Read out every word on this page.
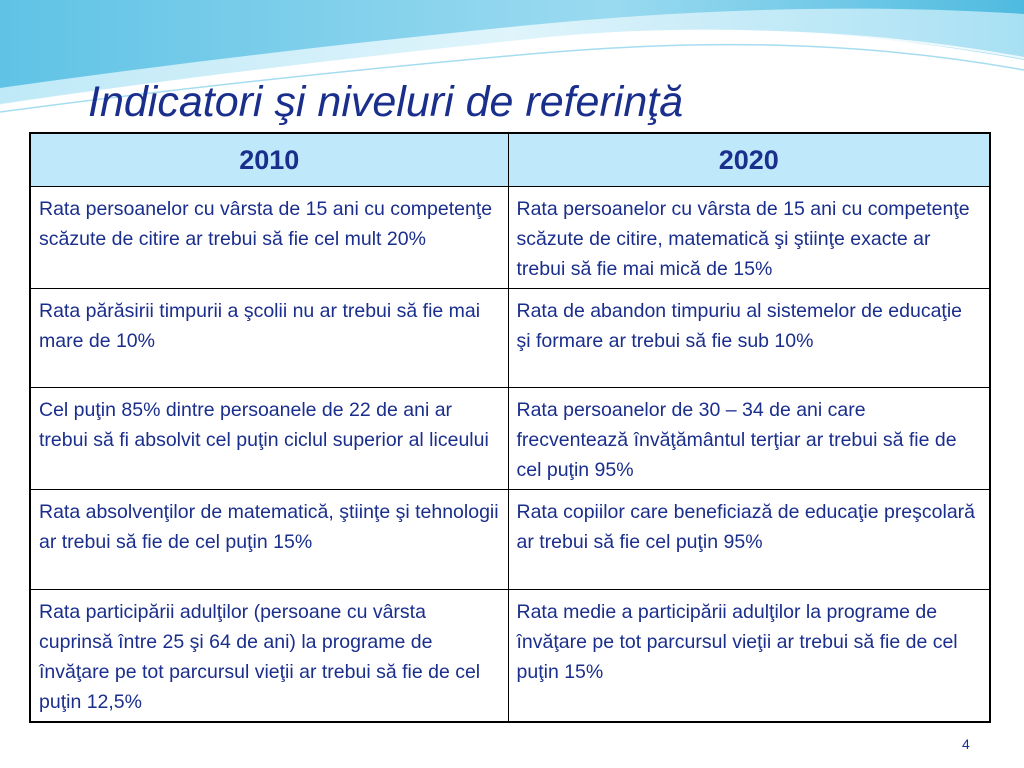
Indicatori şi niveluri de referinţă
2010	2020
Rata persoanelor cu vârsta de 15 ani cu competenţe scăzute de citire ar trebui să fie cel mult 20%	Rata persoanelor cu vârsta de 15 ani cu competenţe scăzute de citire, matematică şi ştiinţe exacte ar trebui să fie mai mică de 15%
Rata părăsirii timpurii a şcolii nu ar trebui să fie mai mare de 10%	Rata de abandon timpuriu al sistemelor de educaţie şi formare ar trebui să fie sub 10%
Cel puţin 85% dintre persoanele de 22 de ani ar trebui să fi absolvit cel puţin ciclul superior al liceului	Rata persoanelor de 30 – 34 de ani care frecventează învăţământul terţiar ar trebui să fie de cel puţin 95%
Rata absolvenţilor de matematică, ştiinţe şi tehnologii ar trebui să fie de cel puţin 15%	Rata copiilor care beneficiază de educaţie preşcolară ar trebui să fie cel puţin 95%
Rata participării adulţilor (persoane cu vârsta cuprinsă între 25 şi 64 de ani) la programe de învăţare pe tot parcursul vieţii ar trebui să fie de cel puţin 12,5%	Rata medie a participării adulţilor la programe de învăţare pe tot parcursul vieţii ar trebui să fie de cel puţin 15%
4
